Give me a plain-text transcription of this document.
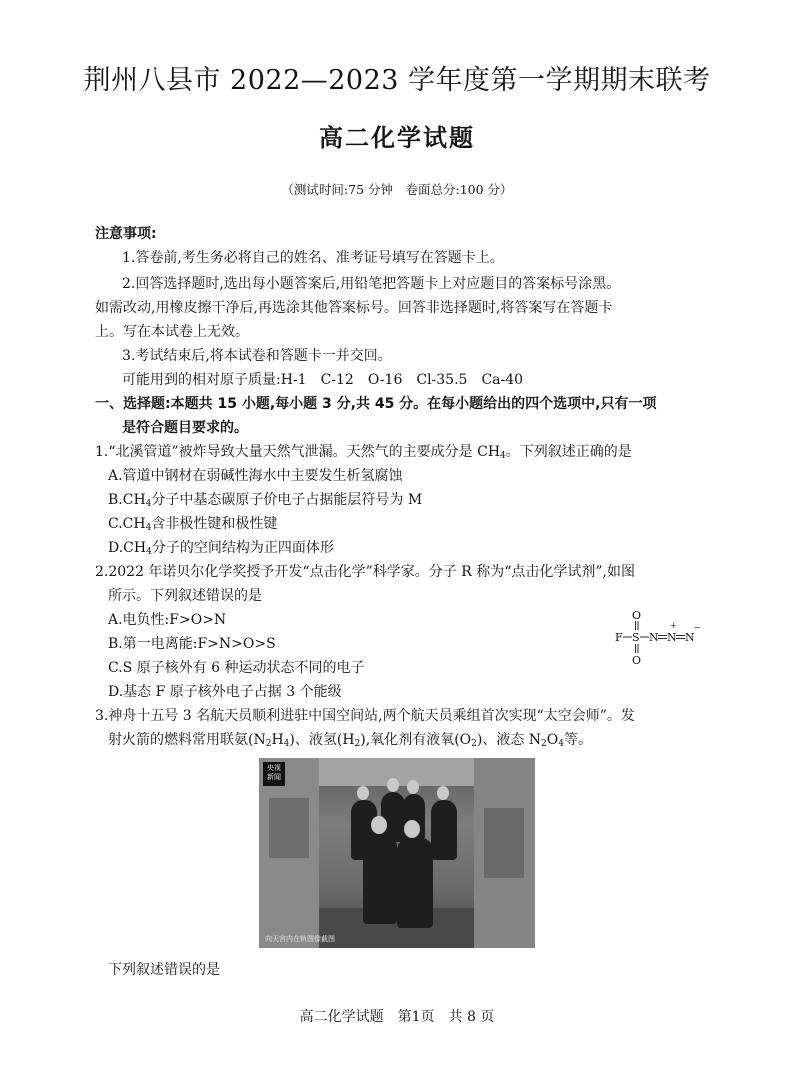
荆州八县市 2022—2023 学年度第一学期期末联考
高二化学试题
（测试时间:75 分钟　卷面总分:100 分）
注意事项:
1.答卷前,考生务必将自己的姓名、准考证号填写在答题卡上。
2.回答选择题时,选出每小题答案后,用铅笔把答题卡上对应题目的答案标号涂黑。
如需改动,用橡皮擦干净后,再选涂其他答案标号。回答非选择题时,将答案写在答题卡
上。写在本试卷上无效。
3.考试结束后,将本试卷和答题卡一并交回。
可能用到的相对原子质量:H-1　C-12　O-16　Cl-35.5　Ca-40
一、选择题:本题共 15 小题,每小题 3 分,共 45 分。在每小题给出的四个选项中,只有一项
是符合题目要求的。
1.“北溪管道”被炸导致大量天然气泄漏。天然气的主要成分是 $CH_4$。下列叙述正确的是
A.管道中钢材在弱碱性海水中主要发生析氢腐蚀
$B.CH_4$分子中基态碳原子价电子占据能层符号为 M
$C.CH_4$含非极性键和极性键
$D.CH_4$分子的空间结构为正四面体形
2.2022 年诺贝尔化学奖授予开发“点击化学”科学家。分子 R 称为“点击化学试剂”,如图
所示。下列叙述错误的是
A.电负性:F>O>N
B.第一电离能:F>N>O>S
C.S 原子核外有 6 种运动状态不同的电子
D.基态 F 原子核外电子占据 3 个能级
O
F S N N
+
N
−
O
3.神舟十五号 3 名航天员顺利进驻中国空间站,两个航天员乘组首次实现“太空会师”。发
射火箭的燃料常用联氨$(N_2H_4)$、液氢$(H_2)$,氧化剂有液氧$(O_2)$、液态 $N_2O_4$等。
央视
新闻
向天宫内在轨图像截图
下列叙述错误的是
高二化学试题　第1页　共 8 页
